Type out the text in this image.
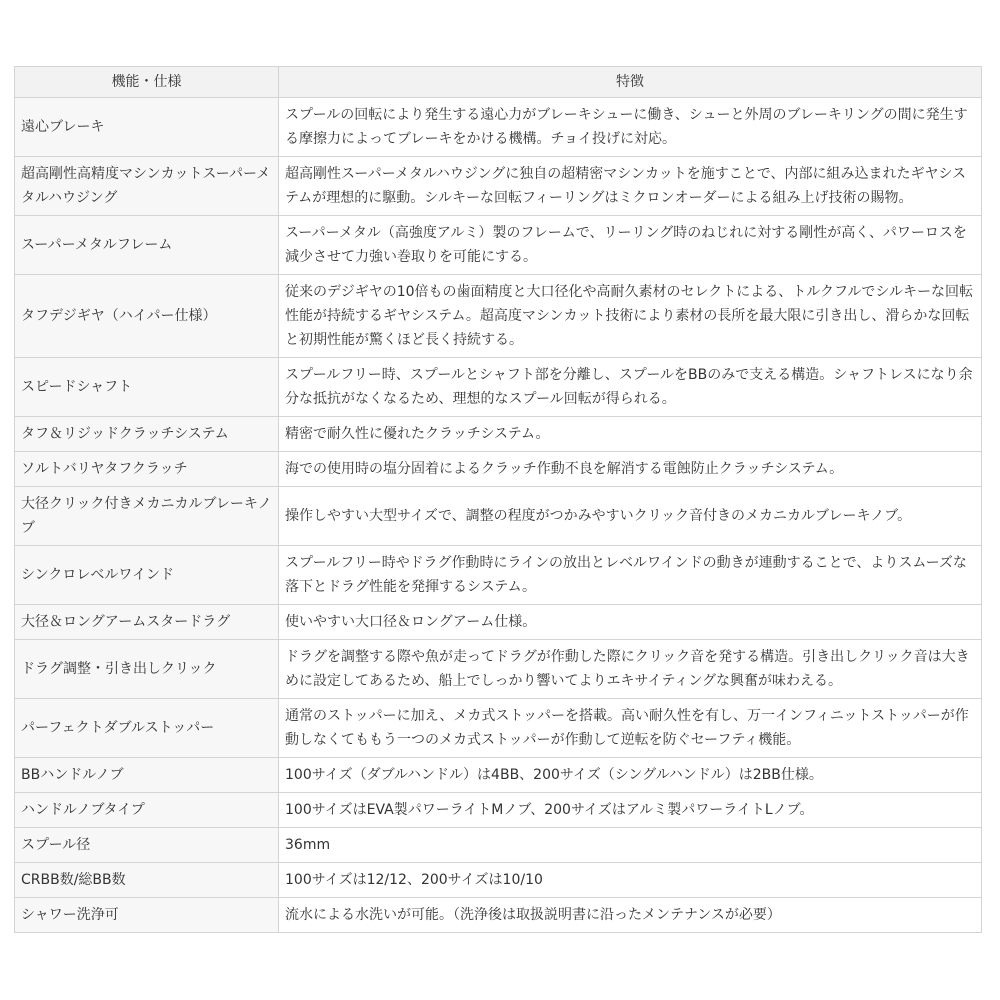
機能・仕様	特徴
遠心ブレーキ	スプールの回転により発生する遠心力がブレーキシューに働き、シューと外周のブレーキリングの間に発生する摩擦力によってブレーキをかける機構。チョイ投げに対応。
超高剛性高精度マシンカットスーパーメタルハウジング	超高剛性スーパーメタルハウジングに独自の超精密マシンカットを施すことで、内部に組み込まれたギヤシステムが理想的に駆動。シルキーな回転フィーリングはミクロンオーダーによる組み上げ技術の賜物。
スーパーメタルフレーム	スーパーメタル（高強度アルミ）製のフレームで、リーリング時のねじれに対する剛性が高く、パワーロスを減少させて力強い巻取りを可能にする。
タフデジギヤ（ハイパー仕様）	従来のデジギヤの10倍もの歯面精度と大口径化や高耐久素材のセレクトによる、トルクフルでシルキーな回転性能が持続するギヤシステム。超高度マシンカット技術により素材の長所を最大限に引き出し、滑らかな回転と初期性能が驚くほど長く持続する。
スピードシャフト	スプールフリー時、スプールとシャフト部を分離し、スプールをBBのみで支える構造。シャフトレスになり余分な抵抗がなくなるため、理想的なスプール回転が得られる。
タフ＆リジッドクラッチシステム	精密で耐久性に優れたクラッチシステム。
ソルトバリヤタフクラッチ	海での使用時の塩分固着によるクラッチ作動不良を解消する電蝕防止クラッチシステム。
大径クリック付きメカニカルブレーキノブ	操作しやすい大型サイズで、調整の程度がつかみやすいクリック音付きのメカニカルブレーキノブ。
シンクロレベルワインド	スプールフリー時やドラグ作動時にラインの放出とレベルワインドの動きが連動することで、よりスムーズな落下とドラグ性能を発揮するシステム。
大径＆ロングアームスタードラグ	使いやすい大口径＆ロングアーム仕様。
ドラグ調整・引き出しクリック	ドラグを調整する際や魚が走ってドラグが作動した際にクリック音を発する構造。引き出しクリック音は大きめに設定してあるため、船上でしっかり響いてよりエキサイティングな興奮が味わえる。
パーフェクトダブルストッパー	通常のストッパーに加え、メカ式ストッパーを搭載。高い耐久性を有し、万一インフィニットストッパーが作動しなくてももう一つのメカ式ストッパーが作動して逆転を防ぐセーフティ機能。
BBハンドルノブ	100サイズ（ダブルハンドル）は4BB、200サイズ（シングルハンドル）は2BB仕様。
ハンドルノブタイプ	100サイズはEVA製パワーライトMノブ、200サイズはアルミ製パワーライトLノブ。
スプール径	36mm
CRBB数/総BB数	100サイズは12/12、200サイズは10/10
シャワー洗浄可	流水による水洗いが可能。（洗浄後は取扱説明書に沿ったメンテナンスが必要）
